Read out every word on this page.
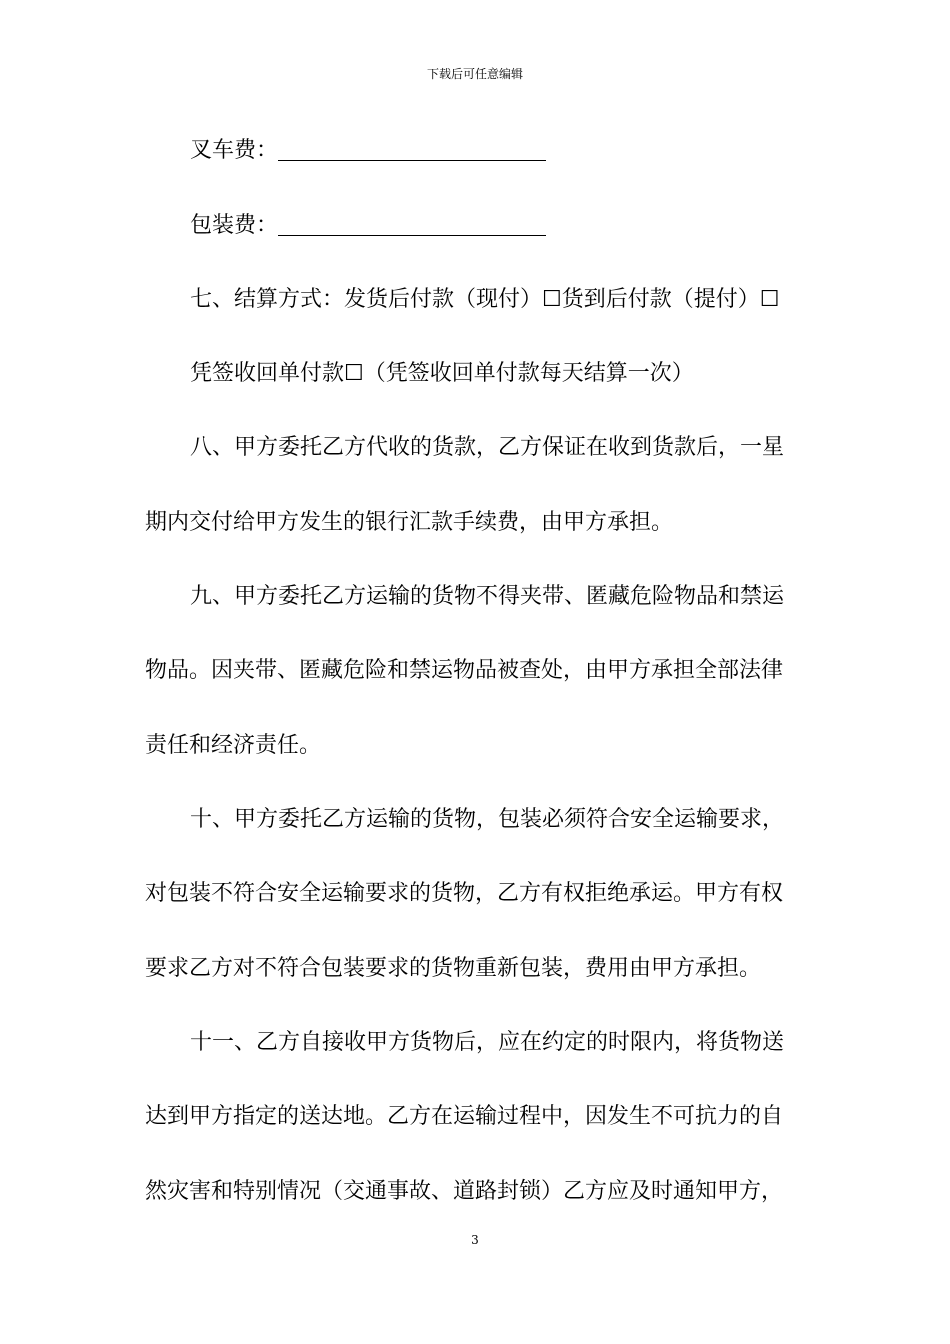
下载后可任意编辑
叉车费：
包装费：
七、结算方式：发货后付款（现付）☐货到后付款（提付）☐
凭签收回单付款☐（凭签收回单付款每天结算一次）
八、甲方委托乙方代收的货款，乙方保证在收到货款后，一星
期内交付给甲方发生的银行汇款手续费，由甲方承担。
九、甲方委托乙方运输的货物不得夹带、匿藏危险物品和禁运
物品。因夹带、匿藏危险和禁运物品被查处，由甲方承担全部法律
责任和经济责任。
十、甲方委托乙方运输的货物，包装必须符合安全运输要求，
对包装不符合安全运输要求的货物，乙方有权拒绝承运。甲方有权
要求乙方对不符合包装要求的货物重新包装，费用由甲方承担。
十一、乙方自接收甲方货物后，应在约定的时限内，将货物送
达到甲方指定的送达地。乙方在运输过程中，因发生不可抗力的自
然灾害和特别情况（交通事故、道路封锁）乙方应及时通知甲方，
3
